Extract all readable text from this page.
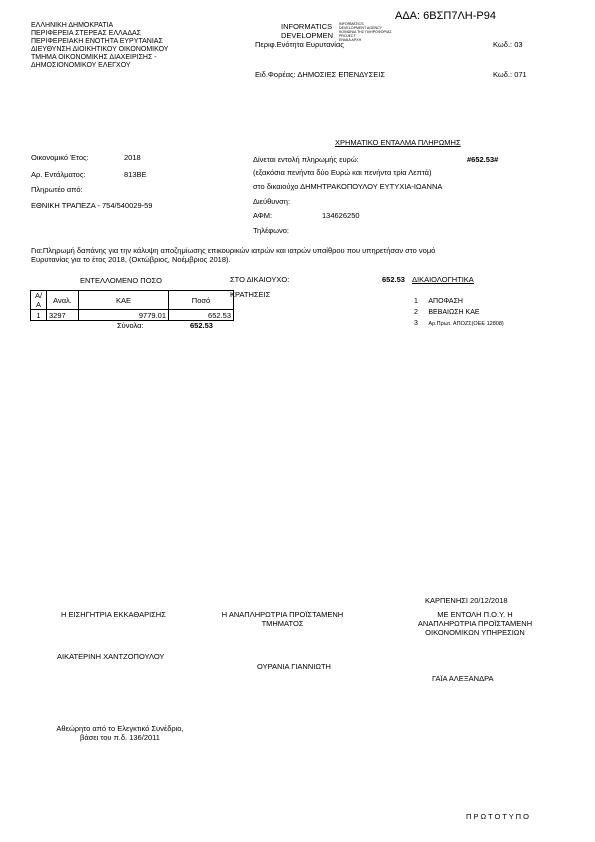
ΑΔΑ: 6ΒΣΠ7ΛΗ-Ρ94
ΕΛΛΗΝΙΚΗ ΔΗΜΟΚΡΑΤΙΑ
ΠΕΡΙΦΕΡΕΙΑ ΣΤΕΡΕΑΣ ΕΛΛΑΔΑΣ
ΠΕΡΙΦΕΡΕΙΑΚΗ ΕΝΟΤΗΤΑ ΕΥΡΥΤΑΝΙΑΣ
ΔΙΕΥΘΥΝΣΗ ΔΙΟΙΚΗΤΙΚΟΥ ΟΙΚΟΝΟΜΙΚΟΥ
ΤΜΗΜΑ ΟΙΚΟΝΟΜΙΚΗΣ ΔΙΑΧΕΙΡΙΣΗΣ -
ΔΗΜΟΣΙΟΝΟΜΙΚΟΥ ΕΛΕΓΧΟΥ
INFORMATICS
DEVELOPMEN
INFORMATICS
DEVELOPMENT AGENCY
ΚΟΙΝΩΝΙΑ ΤΗΣ ΠΛΗΡΟΦΟΡΙΑΣ
PROJECT
ΕΝΙΑΙΑ ΑΡΧΗ
Περιφ.Ενότητα Ευρυτανίας	Κωδ.: 03
Ειδ.Φορέας: ΔΗΜΟΣΙΕΣ ΕΠΕΝΔΥΣΕΙΣ	Κωδ.: 071
ΧΡΗΜΑΤΙΚΟ ΕΝΤΑΛΜΑ ΠΛΗΡΩΜΗΣ
Οικονομικό Έτος:	2018
Αρ. Εντάλματος:	813ΒΕ
Πληρωτέο από:
ΕΘΝΙΚΗ ΤΡΑΠΕΖΑ - 754/540029-59
Δίνεται εντολή πληρωμής ευρώ:	#652.53#
(εξακόσια πενήντα δύο Ευρώ και πενήντα τρία Λεπτά)
στο δικαιούχο ΔΗΜΗΤΡΑΚΟΠΟΥΛΟΥ ΕΥΤΥΧΙΑ-ΙΩΑΝΝΑ
Διεύθυνση:
ΑΦΜ:	134626250
Τηλέφωνο:
Για:Πληρωμή δαπάνης για την κάλυψη αποζημίωσης επικουρικών ιατρών και ιατρών υπαίθρου που υπηρετήσαν στο νομό
Ευρυτανίας για το έτος 2018, (Οκτώβριος, Νοέμβριος 2018).
ΕΝΤΕΛΛΟΜΕΝΟ ΠΟΣΟ
Α/Α	Αναλ.	ΚΑΕ	Ποσό
1	3297	9779.01	652.53
Σύνολα:	652.53
ΣΤΟ ΔΙΚΑΙΟΥΧΟ:	652.53
ΚΡΑΤΗΣΕΙΣ
ΔΙΚΑΙΟΛΟΓΗΤΙΚΑ
1 ΑΠΟΦΑΣΗ
2 ΒΕΒΑΙΩΣΗ ΚΑΕ
3 Αρ.Πρωτ. ΑΠΟΖΣ(ΟΕΕ 12808)
ΚΑΡΠΕΝΗΣΙ 20/12/2018
Η ΕΙΣΗΓΗΤΡΙΑ ΕΚΚΑΘΑΡΙΣΗΣ
ΑΙΚΑΤΕΡΙΝΗ ΧΑΝΤΖΟΠΟΥΛΟΥ
Η ΑΝΑΠΛΗΡΩΤΡΙΑ ΠΡΟΪΣΤΑΜΕΝΗ
ΤΜΗΜΑΤΟΣ
ΟΥΡΑΝΙΑ ΓΙΑΝΝΙΩΤΗ
ΜΕ ΕΝΤΟΛΗ Π.Ο.Υ. Η
ΑΝΑΠΛΗΡΩΤΡΙΑ ΠΡΟΪΣΤΑΜΕΝΗ
ΟΙΚΟΝΟΜΙΚΩΝ ΥΠΗΡΕΣΙΩΝ
ΓΑΪΑ ΑΛΕΞΑΝΔΡΑ
Αθεώρητο από το Ελεγκτικό Συνέδριο,
βάσει του π.δ. 136/2011
Π Ρ Ω Τ Ο Τ Υ Π Ο
